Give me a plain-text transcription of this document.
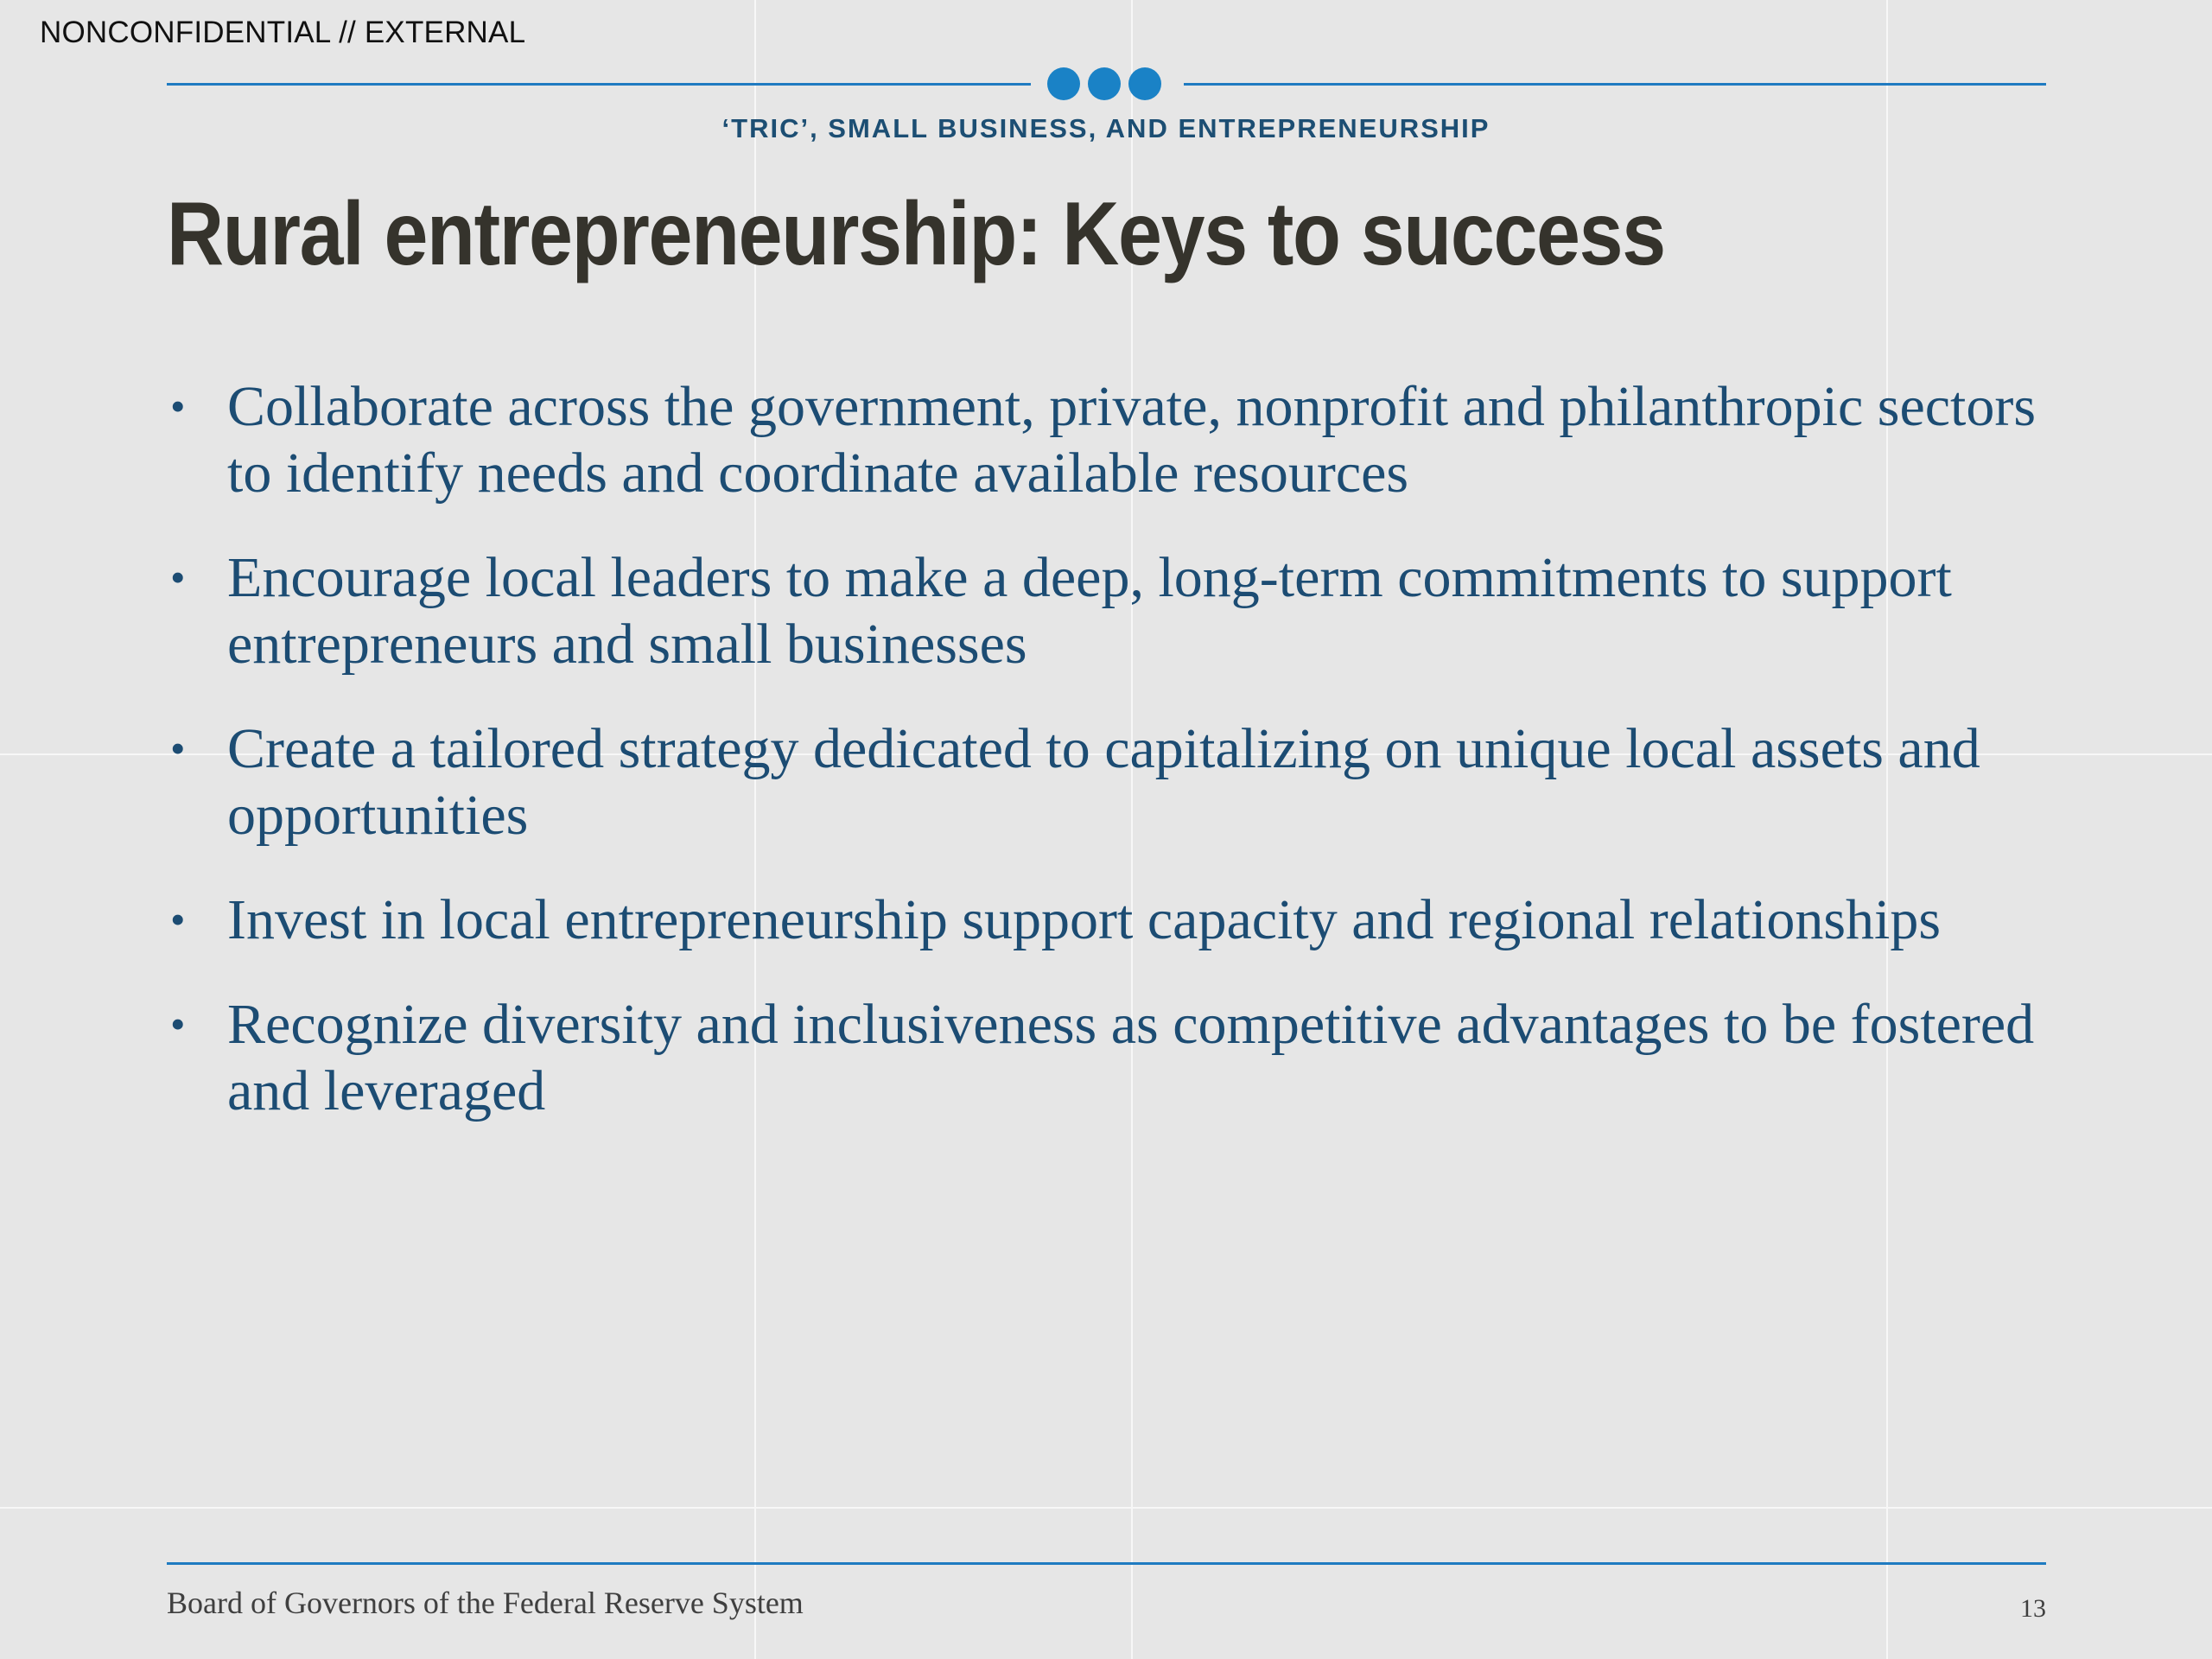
NONCONFIDENTIAL // EXTERNAL
‘TRIC’, SMALL BUSINESS, AND ENTREPRENEURSHIP
Rural entrepreneurship: Keys to success
• Collaborate across the government, private, nonprofit and philanthropic sectors to identify needs and coordinate available resources
• Encourage local leaders to make a deep, long-term commitments to support entrepreneurs and small businesses
• Create a tailored strategy dedicated to capitalizing on unique local assets and opportunities
• Invest in local entrepreneurship support capacity and regional relationships
• Recognize diversity and inclusiveness as competitive advantages to be fostered and leveraged
Board of Governors of the Federal Reserve System	13
